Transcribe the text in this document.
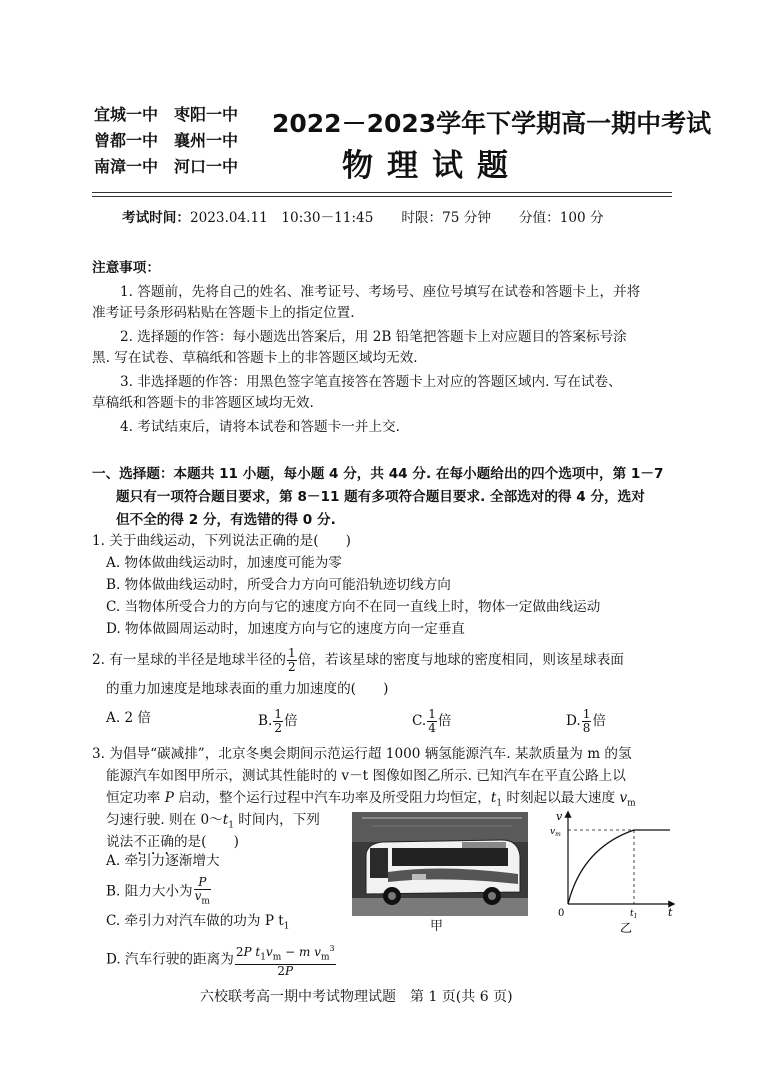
宜城一中　 枣阳一中
曾都一中　 襄州一中
南漳一中　 河口一中
2022－2023学年下学期高一期中考试
物理试题
考试时间：2023.04.11　10:30－11:45 时限：75 分钟 分值：100 分
注意事项：
1. 答题前，先将自己的姓名、准考证号、考场号、座位号填写在试卷和答题卡上，并将
准考证号条形码粘贴在答题卡上的指定位置.
2. 选择题的作答：每小题选出答案后，用 2B 铅笔把答题卡上对应题目的答案标号涂
黑. 写在试卷、草稿纸和答题卡上的非答题区域均无效.
3. 非选择题的作答：用黑色签字笔直接答在答题卡上对应的答题区域内. 写在试卷、
草稿纸和答题卡的非答题区域均无效.
4. 考试结束后，请将本试卷和答题卡一并上交.
一、选择题：本题共 11 小题，每小题 4 分，共 44 分. 在每小题给出的四个选项中，第 1－7
题只有一项符合题目要求，第 8－11 题有多项符合题目要求. 全部选对的得 4 分，选对
但不全的得 2 分，有选错的得 0 分.
1. 关于曲线运动，下列说法正确的是(　　)
A. 物体做曲线运动时，加速度可能为零
B. 物体做曲线运动时，所受合力方向可能沿轨迹切线方向
C. 当物体所受合力的方向与它的速度方向不在同一直线上时，物体一定做曲线运动
D. 物体做圆周运动时，加速度方向与它的速度方向一定垂直
2. 有一星球的半径是地球半径的 $\frac{1}{2}$ 倍，若该星球的密度与地球的密度相同，则该星球表面
的重力加速度是地球表面的重力加速度的(　　)
A. 2 倍	B. $\frac{1}{2}$ 倍	C. $\frac{1}{4}$ 倍	D. $\frac{1}{8}$ 倍
3. 为倡导“碳减排”，北京冬奥会期间示范运行超 1000 辆氢能源汽车. 某款质量为 m 的氢
能源汽车如图甲所示，测试其性能时的 v－t 图像如图乙所示. 已知汽车在平直公路上以
恒定功率 P 启动，整个运行过程中汽车功率及所受阻力均恒定，$t_1$ 时刻起以最大速度 $v_m$
匀速行驶. 则在 $0\sim t_1$ 时间内，下列
说法不正确的是(　　)
A. 牵引力逐渐增大
B. 阻力大小为 $\frac{P}{v_m}$
C. 牵引力对汽车做的功为 P $t_1$
D. 汽车行驶的距离为 $\frac{2P t_1v_m - m v_m^3}{2P}$
甲
v
$v_m$
0	$t_1$	t
乙
六校联考高一期中考试物理试题　第 1 页(共 6 页)
